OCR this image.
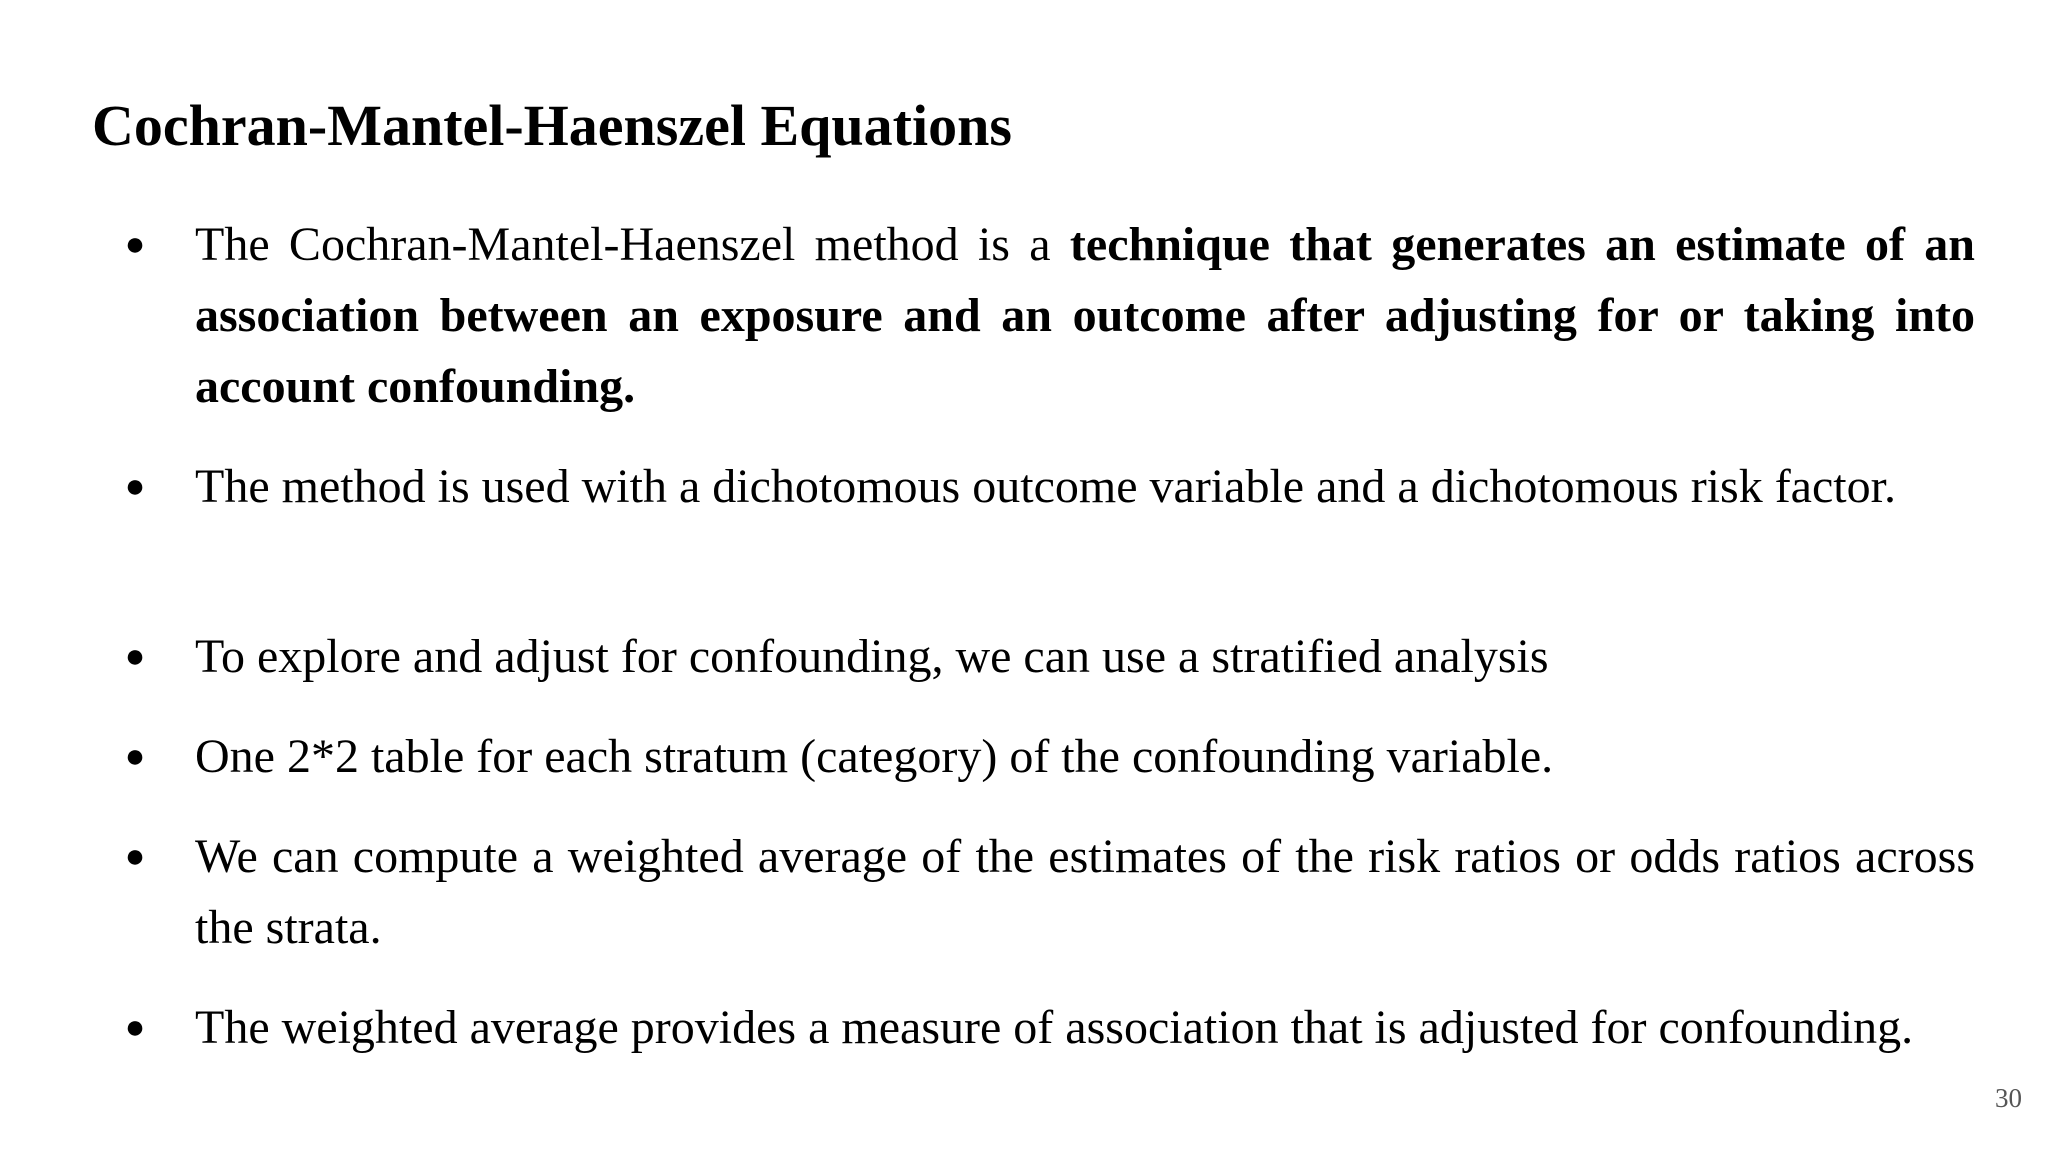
Cochran-Mantel-Haenszel Equations
● The Cochran-Mantel-Haenszel method is a technique that generates an estimate of an association between an exposure and an outcome after adjusting for or taking into account confounding.
● The method is used with a dichotomous outcome variable and a dichotomous risk factor.
● To explore and adjust for confounding, we can use a stratified analysis
● One 2*2 table for each stratum (category) of the confounding variable.
● We can compute a weighted average of the estimates of the risk ratios or odds ratios across the strata.
● The weighted average provides a measure of association that is adjusted for confounding.
30
